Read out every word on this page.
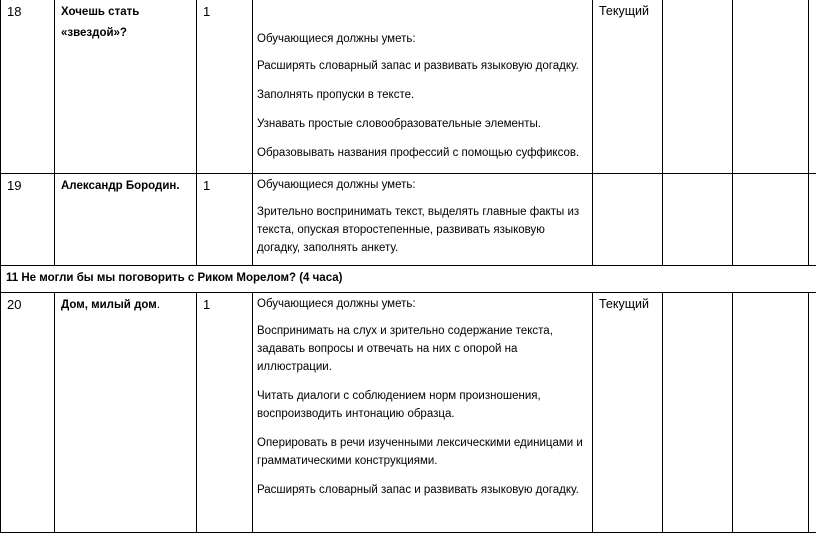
18	Хочешь стать «звездой»?	1	Обучающиеся должны уметь:

Расширять словарный запас и развивать языковую догадку.

Заполнять пропуски в тексте.

Узнавать простые словообразовательные элементы.

Образовывать названия профессий с помощью суффиксов.	Текущий			
19	Александр Бородин.	1	Обучающиеся должны уметь:

Зрительно воспринимать текст, выделять главные факты из текста, опуская второстепенные, развивать языковую догадку, заполнять анкету.				

11 Не могли бы мы поговорить с Риком Морелом? (4 часа)							
20	Дом, милый дом.	1	Обучающиеся должны уметь:

Воспринимать на слух и зрительно содержание текста, задавать вопросы и отвечать на них с опорой на иллюстрации.

Читать диалоги с соблюдением норм произношения, воспроизводить интонацию образца.

Оперировать в речи изученными лексическими единицами и грамматическими конструкциями.

Расширять словарный запас и развивать языковую догадку.	Текущий			
